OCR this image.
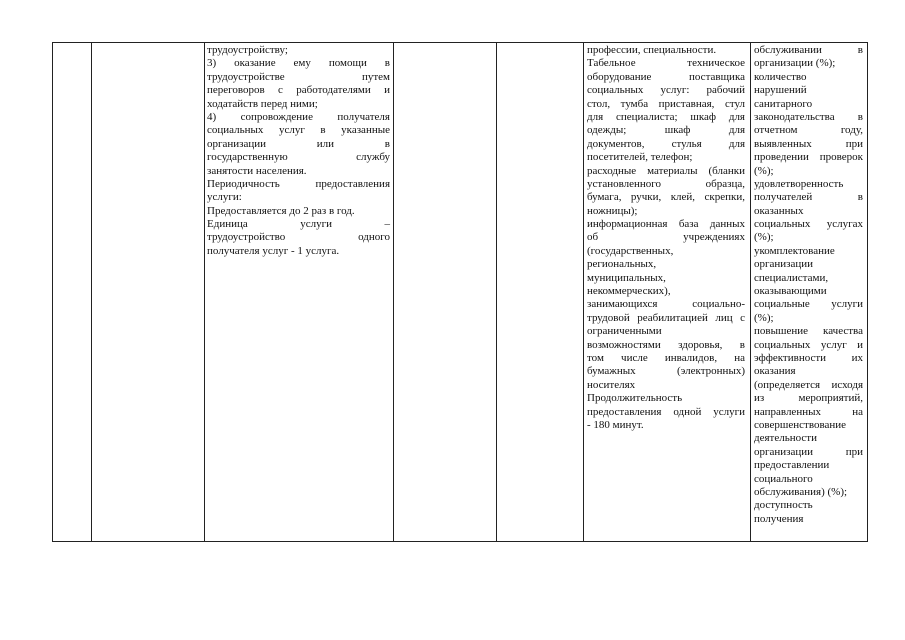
трудоустройству;
3) оказание ему помощи в
трудоустройстве путем
переговоров с работодателями и
ходатайств перед ними;
4) сопровождение получателя
социальных услуг в указанные
организации или в
государственную службу
занятости населения.
Периодичность предоставления
услуги:
Предоставляется до 2 раз в год.
Единица услуги –
трудоустройство одного
получателя услуг - 1 услуга.
профессии, специальности.
Табельное техническое
оборудование поставщика
социальных услуг: рабочий
стол, тумба приставная, стул
для специалиста; шкаф для
одежды; шкаф для
документов, стулья для
посетителей, телефон;
расходные материалы (бланки
установленного образца,
бумага, ручки, клей, скрепки,
ножницы);
информационная база данных
об учреждениях
(государственных,
региональных,
муниципальных,
некоммерческих),
занимающихся социально-
трудовой реабилитацией лиц с
ограниченными
возможностями здоровья, в
том числе инвалидов, на
бумажных (электронных)
носителях
Продолжительность
предоставления одной услуги
- 180 минут.
обслуживании в
организации (%);
количество
нарушений
санитарного
законодательства в
отчетном году,
выявленных при
проведении проверок
(%);
удовлетворенность
получателей в
оказанных
социальных услугах
(%);
укомплектование
организации
специалистами,
оказывающими
социальные услуги
(%);
повышение качества
социальных услуг и
эффективности их
оказания
(определяется исходя
из мероприятий,
направленных на
совершенствование
деятельности
организации при
предоставлении
социального
обслуживания) (%);
доступность
получения
